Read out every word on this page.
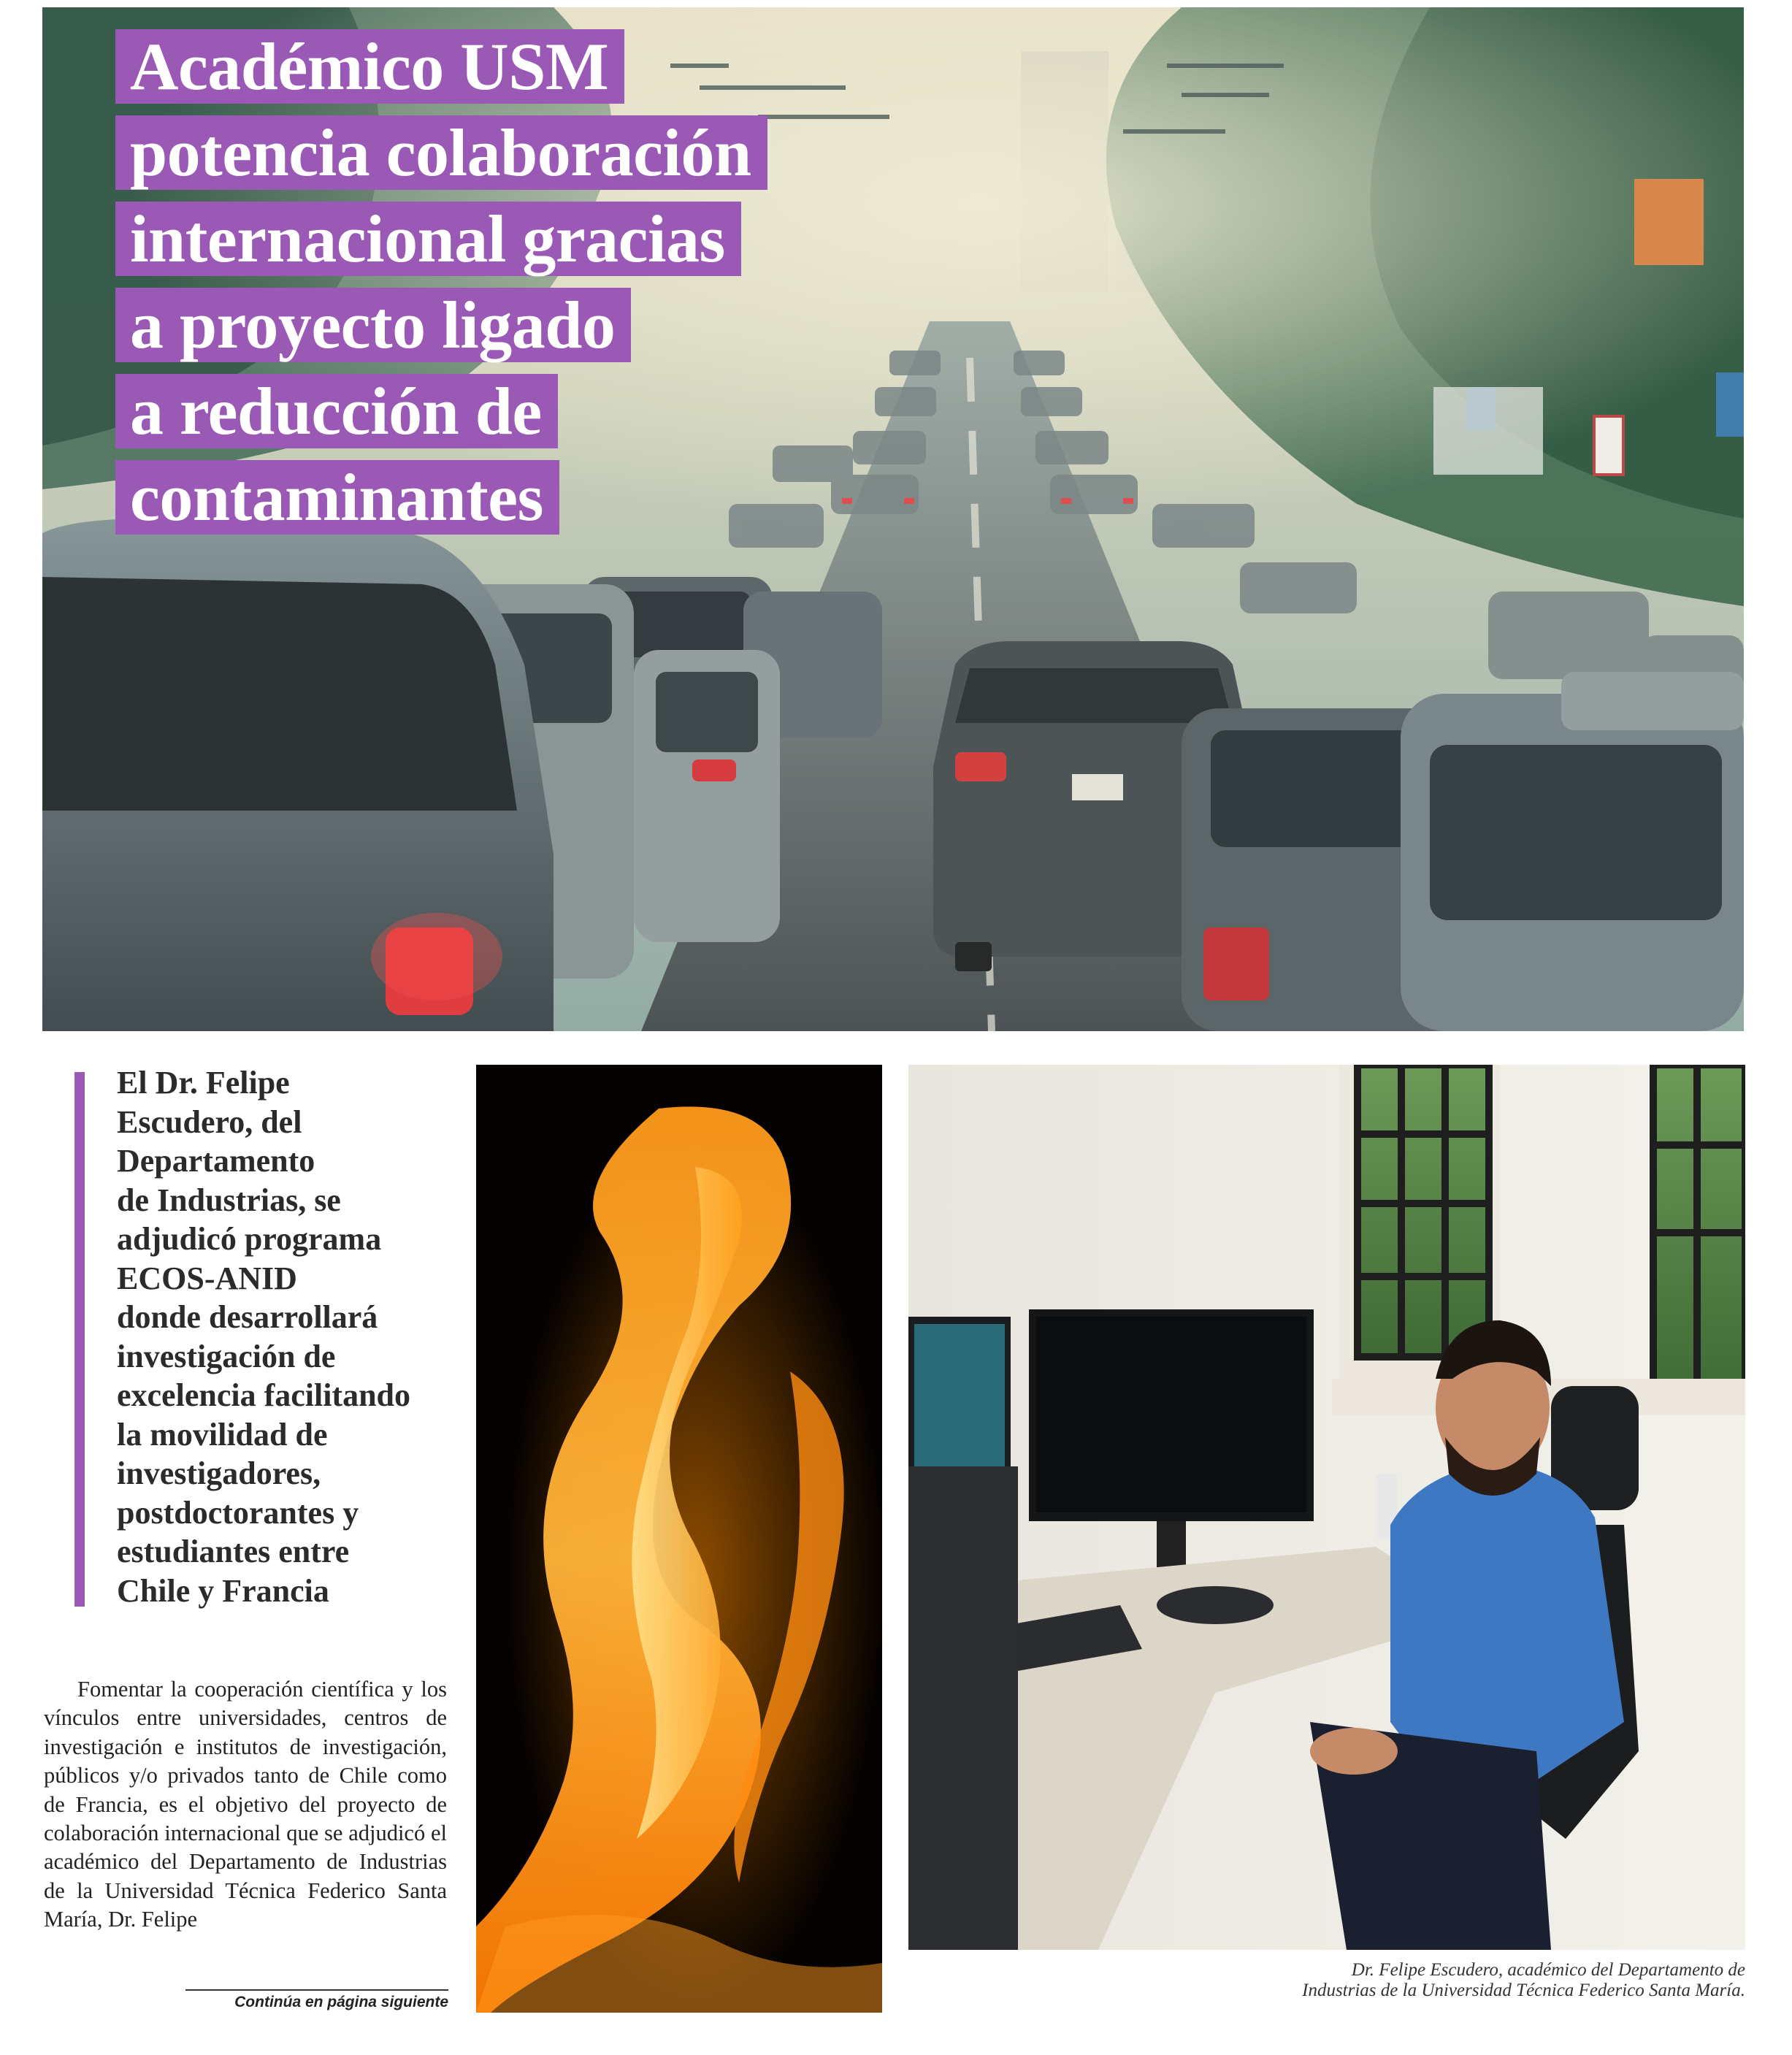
Académico USM
potencia colaboración
internacional gracias
a proyecto ligado
a reducción de
contaminantes
El Dr. Felipe
Escudero, del
Departamento
de Industrias, se
adjudicó programa
ECOS-ANID
donde desarrollará
investigación de
excelencia facilitando
la movilidad de
investigadores,
postdoctorantes y
estudiantes entre
Chile y Francia

Fomentar la cooperación científica y los vínculos entre universidades, centros de investigación e institutos de investigación, públicos y/o privados tanto de Chile como de Francia, es el objetivo del proyecto de colaboración internacional que se adjudicó el académico del Departamento de Industrias de la Universidad Técnica Federico Santa María, Dr. Felipe

Continúa en página siguiente
Dr. Felipe Escudero, académico del Departamento de
Industrias de la Universidad Técnica Federico Santa María.
